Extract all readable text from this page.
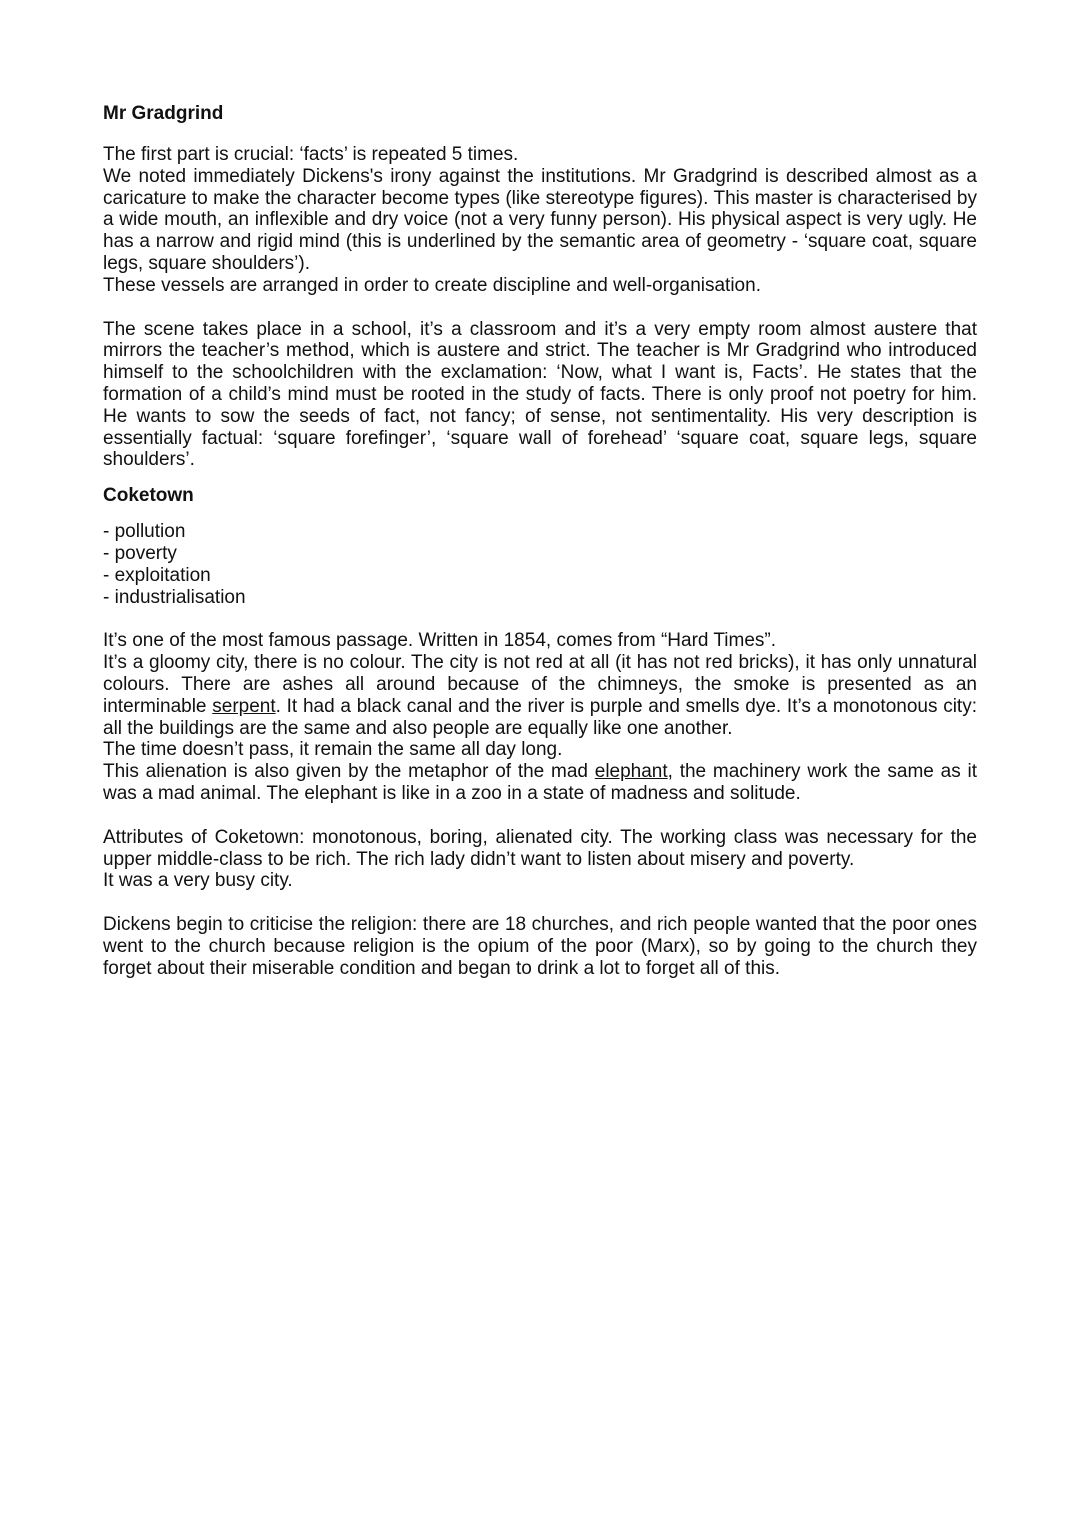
Mr Gradgrind

The first part is crucial: ‘facts’ is repeated 5 times.

We noted immediately Dickens's irony against the institutions. Mr Gradgrind is described almost as a caricature to make the character become types (like stereotype figures). This master is characterised by a wide mouth, an inflexible and dry voice (not a very funny person). His physical aspect is very ugly. He has a narrow and rigid mind (this is underlined by the semantic area of geometry - ‘square coat, square legs, square shoulders’).

These vessels are arranged in order to create discipline and well-organisation.

The scene takes place in a school, it’s a classroom and it’s a very empty room almost austere that mirrors the teacher’s method, which is austere and strict. The teacher is Mr Gradgrind who introduced himself to the schoolchildren with the exclamation: ‘Now, what I want is, Facts’. He states that the formation of a child’s mind must be rooted in the study of facts. There is only proof not poetry for him. He wants to sow the seeds of fact, not fancy; of sense, not sentimentality. His very description is essentially factual: ‘square forefinger’, ‘square wall of forehead’ ‘square coat, square legs, square shoulders’.

Coketown
- pollution
- poverty
- exploitation
- industrialisation

It’s one of the most famous passage. Written in 1854, comes from “Hard Times”.

It’s a gloomy city, there is no colour. The city is not red at all (it has not red bricks), it has only unnatural colours. There are ashes all around because of the chimneys, the smoke is presented as an interminable serpent. It had a black canal and the river is purple and smells dye. It’s a monotonous city: all the buildings are the same and also people are equally like one another.

The time doesn’t pass, it remain the same all day long.

This alienation is also given by the metaphor of the mad elephant, the machinery work the same as it was a mad animal. The elephant is like in a zoo in a state of madness and solitude.

Attributes of Coketown: monotonous, boring, alienated city. The working class was necessary for the upper middle-class to be rich. The rich lady didn’t want to listen about misery and poverty.

It was a very busy city.

Dickens begin to criticise the religion: there are 18 churches, and rich people wanted that the poor ones went to the church because religion is the opium of the poor (Marx), so by going to the church they forget about their miserable condition and began to drink a lot to forget all of this.
